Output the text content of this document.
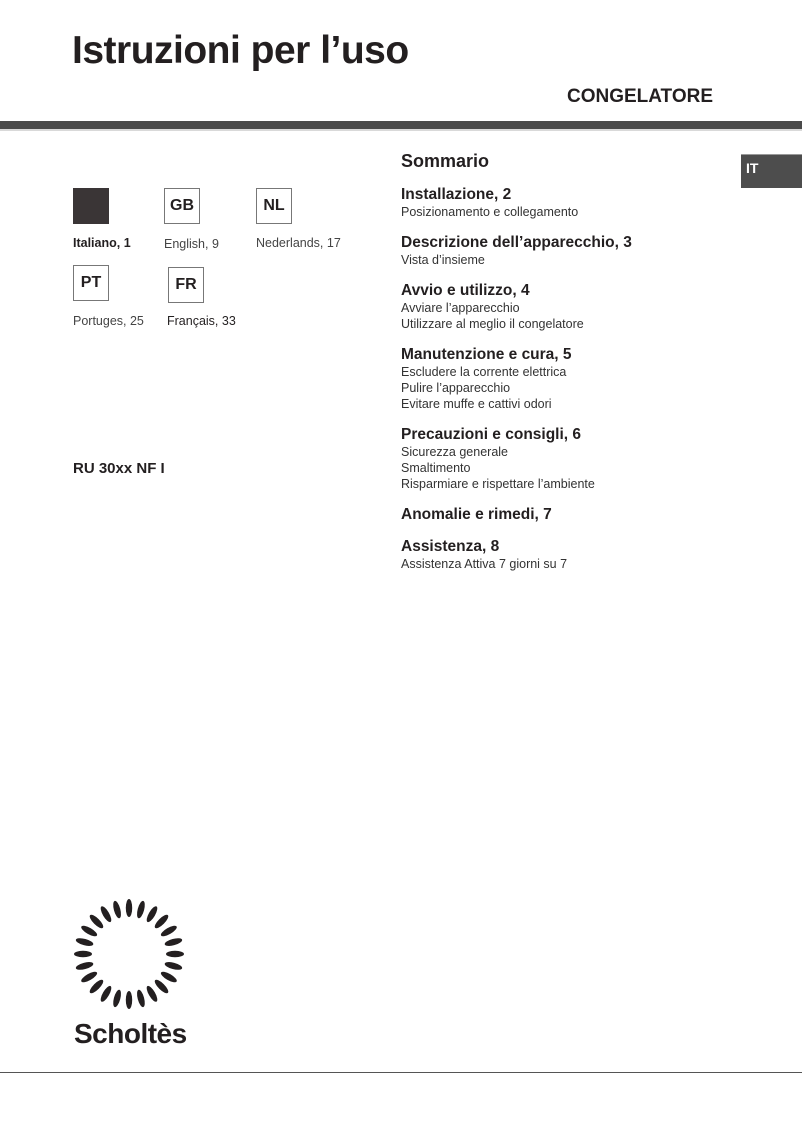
Istruzioni per l’uso
CONGELATORE
Italiano, 1
GB
English, 9
NL
Nederlands, 17
PT
Portuges, 25
FR
Français, 33
RU 30xx NF I
Sommario
Installazione, 2
Posizionamento e collegamento
Descrizione dell’apparecchio, 3
Vista d’insieme
Avvio e utilizzo, 4
Avviare l’apparecchio
Utilizzare al meglio il congelatore
Manutenzione e cura, 5
Escludere la corrente elettrica
Pulire l’apparecchio
Evitare muffe e cattivi odori
Precauzioni e consigli, 6
Sicurezza generale
Smaltimento
Risparmiare e rispettare l’ambiente
Anomalie e rimedi, 7
Assistenza, 8
Assistenza Attiva 7 giorni su 7
IT
Scholtès
